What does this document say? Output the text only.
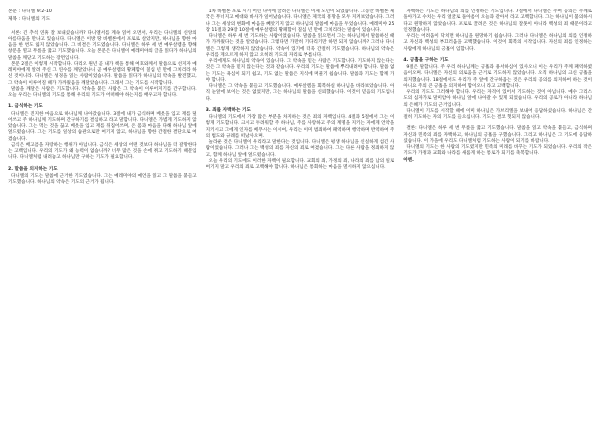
본문 : 다니엘 9:2-10

제목 : 다니엘의 기도

서론: 긴 추석 연휴 잘 보내셨습니까? 다니엘서를 계속 읽어 오면서, 우리는 다니엘의 신앙의 아름다움을 만나고 있습니다. 다니엘은 이방 땅 바벨론에서 포로로 살았지만, 하나님을 향한 마음을 한 번도 잃지 않았습니다. 그 비결은 기도였습니다. 다니엘은 하루 세 번 예루살렘을 향해 창문을 열고 무릎을 꿇고 기도했습니다. 오늘 본문은 다니엘이 예레미야의 글을 읽다가 하나님의 말씀을 깨닫고 기도하는 장면입니다.

본문 2절은 이렇게 시작합니다. 다리오 원년 곧 내가 책을 통해 여호와께서 말씀으로 선지자 예레미야에게 알려 주신 그 연수를 깨달았나니 곧 예루살렘의 황폐함이 칠십 년 만에 그치리라 하신 것이니라. 다니엘은 성경을 읽는 사람이었습니다. 말씀을 읽다가 하나님의 약속을 발견했고, 그 약속이 이루어질 때가 가까웠음을 깨달았습니다. 그래서 그는 기도를 시작합니다.

말씀을 깨달은 사람은 기도합니다. 약속을 붙든 사람은 그 약속이 이루어지기를 간구합니다. 오늘 우리는 다니엘의 기도를 통해 우리의 기도가 어떠해야 하는지를 배우고자 합니다.

1. 금식하는 기도

다니엘은 진지한 마음으로 하나님께 나아갔습니다. 3절에 내가 금식하며 베옷을 입고 재를 덮어쓰고 주 하나님께 기도하며 간구하기를 결심하고 라고 말합니다. 다니엘은 가볍게 기도하지 않았습니다. 그는 먹는 것을 끊고 베옷을 입고 재를 뒤집어쓰며, 온 몸과 마음을 다해 하나님 앞에 엎드렸습니다. 그는 기도를 일상의 습관으로만 여기지 않고, 하나님을 향한 간절한 결단으로 여겼습니다.

금식은 배고픔을 자랑하는 행위가 아닙니다. 금식은 세상의 어떤 것보다 하나님을 더 갈망한다는 고백입니다. 우리의 기도가 왜 능력이 없습니까? 너무 많은 것을 손에 쥐고 기도하기 때문입니다. 다니엘처럼 내려놓고 하나님만 구하는 기도가 필요합니다.

2. 말씀을 의지하는 기도

다니엘의 기도는 말씀에 근거한 기도였습니다. 그는 예레미야의 예언을 읽고 그 말씀을 붙들고 기도했습니다. 하나님의 약속은 기도의 근거가 됩니다.

1차 바벨론 포로 시기 어린 나이에 끌려온 다니엘은 이제 노년이 되었습니다. 그동안 바벨론 제국은 무너지고 메대와 바사가 일어났습니다. 다니엘은 제국의 흥망을 모두 지켜보았습니다. 그러나 그는 세상의 변화에 마음을 빼앗기지 않고 하나님의 말씀에 마음을 두었습니다. 예레미야 25장 11절과 29장 10절에 예루살렘의 황폐함이 칠십 년 만에 그치리라는 말씀이 있습니다.

다니엘은 하루 세 번 기도하는 사람이었습니다. 말씀을 읽으면서 그는 하나님께서 말씀하신 때가 가까웠다는 것을 알았습니다. 그렇다면 가만히 기다리기만 하면 되지 않습니까? 그러나 다니엘은 그렇게 생각하지 않았습니다. 약속이 있기에 더욱 간절히 기도했습니다. 하나님의 약속은 우리를 게으르게 하지 않고 오히려 기도의 자리로 부릅니다.

우리에게도 하나님의 약속이 있습니다. 그 약속을 믿는 사람은 기도합니다. 기도하지 않는다는 것은 그 약속을 믿지 않는다는 것과 같습니다. 우리의 기도는 말씀에 뿌리내려야 합니다. 말씀 없는 기도는 욕심이 되기 쉽고, 기도 없는 말씀은 지식에 머물기 쉽습니다. 말씀과 기도는 함께 가야 합니다.

다니엘은 그 약속을 붙들고 기도했습니다. 예루살렘을 회복하실 하나님을 바라보았습니다. 아직 눈앞에 보이는 것은 없었지만, 그는 하나님의 말씀을 신뢰했습니다. 이것이 믿음의 기도입니다.

3. 죄를 자백하는 기도

다니엘의 기도에서 가장 많은 부분을 차지하는 것은 죄의 자백입니다. 4절과 5절에서 그는 이렇게 기도합니다. 크시고 두려워할 주 하나님, 주를 사랑하고 주의 계명을 지키는 자에게 언약을 지키시고 그에게 인자를 베푸시는 이시여, 우리는 이미 범죄하여 패역하며 행악하며 반역하여 주의 법도와 규례를 떠났사오며.

놀라운 것은 다니엘이 우리라고 말한다는 것입니다. 다니엘은 평생 하나님을 신실하게 섬긴 사람이었습니다. 그러나 그는 백성의 죄를 자신의 죄로 여겼습니다. 그는 다른 사람을 정죄하지 않고, 함께 하나님 앞에 엎드렸습니다.

오늘 우리의 기도에도 이러한 자백이 필요합니다. 교회의 죄, 가정의 죄, 나라의 죄를 남의 일로 여기지 말고 우리의 죄로 고백해야 합니다. 하나님은 통회하는 마음을 멸시하지 않으십니다.

자백하는 기도는 하나님의 의를 인정하는 기도입니다. 7절에서 다니엘은 주여 공의는 주께로 돌아가고 수치는 우리 얼굴로 돌아옴이 오늘과 같아서 라고 고백합니다. 그는 하나님이 불의하시다고 원망하지 않았습니다. 포로로 끌려온 것은 하나님의 잘못이 아니라 백성의 죄 때문이라고 인정했습니다.

우리는 어려움이 닥치면 하나님을 원망하기 쉽습니다. 그러나 다니엘은 하나님의 의를 인정하고 자신과 백성의 부끄러움을 고백했습니다. 이것이 회복의 시작입니다. 자신의 죄를 인정하는 사람에게 하나님의 긍휼이 임합니다.

4. 긍휼을 구하는 기도

9절은 말합니다. 주 우리 하나님께는 긍휼과 용서하심이 있사오니 이는 우리가 주께 패역하였음이오며. 다니엘은 자신의 의로움을 근거로 기도하지 않았습니다. 오직 하나님의 크신 긍휼을 의지했습니다. 18절에서도 우리가 주 앞에 간구하옵는 것은 우리의 공의를 의지하여 하는 것이 아니요 주의 큰 긍휼을 의지하여 함이오니 라고 고백합니다.

우리의 기도도 그러해야 합니다. 우리는 자격이 있어서 기도하는 것이 아닙니다. 예수 그리스도의 십자가로 말미암아 하나님 앞에 나아갈 수 있게 되었습니다. 우리의 공로가 아니라 하나님의 은혜가 기도의 근거입니다.

다니엘이 기도를 시작할 때에 이미 하나님은 가브리엘을 보내어 응답하셨습니다. 하나님은 간절히 기도하는 자의 기도를 들으십니다. 기도는 결코 헛되지 않습니다.

결론: 다니엘은 하루 세 번 무릎을 꿇고 기도했습니다. 말씀을 읽고 약속을 붙들고, 금식하며 자신과 민족의 죄를 자백하고, 하나님의 긍휼을 구했습니다. 그리고 하나님은 그 기도에 응답하셨습니다. 이 가을에 우리도 다니엘처럼 기도하는 사람이 되기를 바랍니다.

다니엘의 기도는 한 사람의 기도였지만 민족의 미래를 바꾸는 기도가 되었습니다. 우리의 작은 기도가 가정과 교회와 나라를 새롭게 하는 통로가 되기를 축복합니다.

아멘.
